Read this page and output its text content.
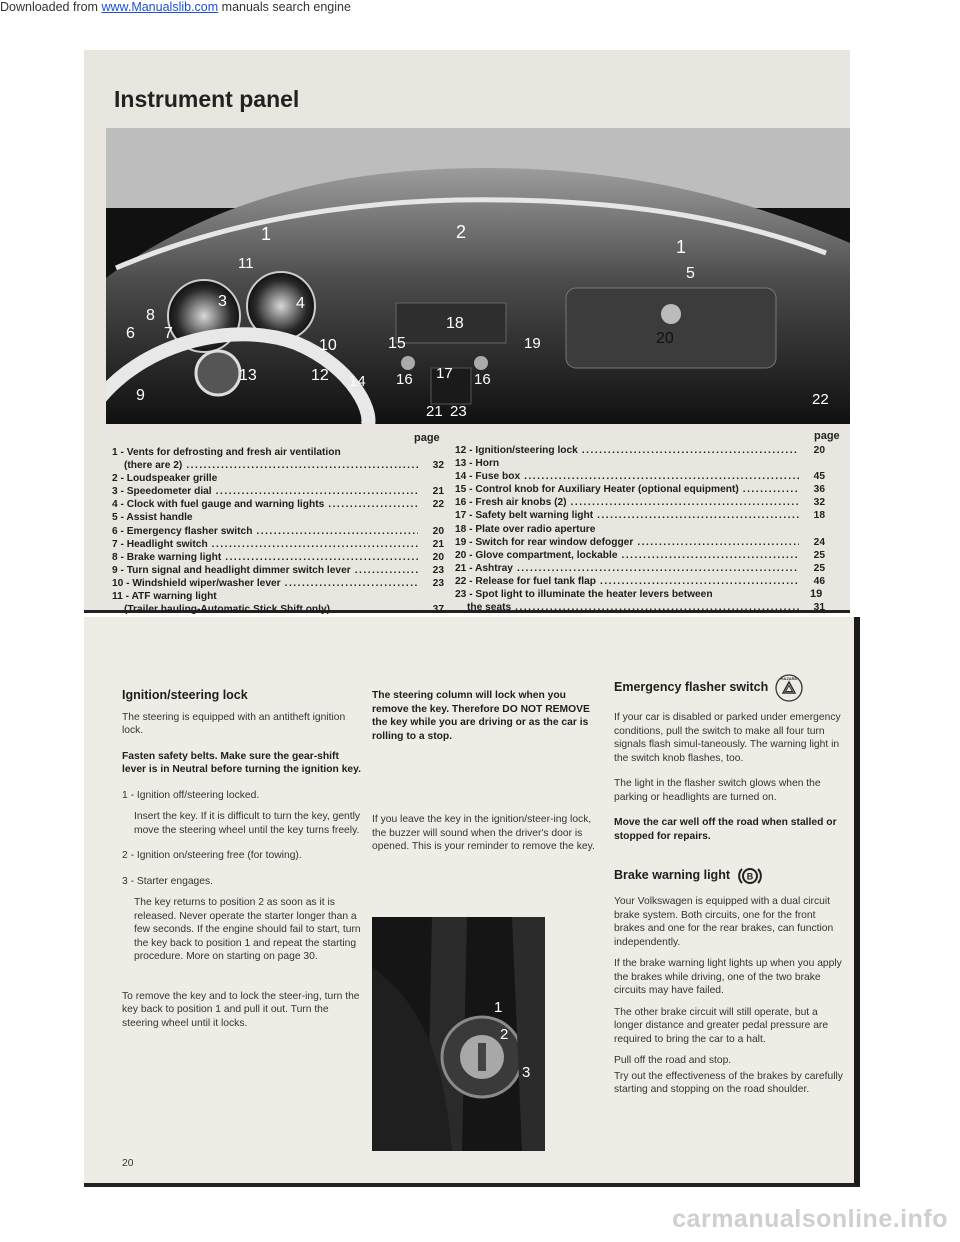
Downloaded from www.Manualslib.com manuals search engine
Instrument panel
1	2
1
5
11
3	4
8
6 7
18
15	19	20
10
9
13	12 14 16 17 16
21 23
22
page	page
1 - Vents for defrosting and fresh air ventilation
(there are 2) .....	32
2 - Loudspeaker grille
3 - Speedometer dial .....	21
4 - Clock with fuel gauge and warning lights .....	22
5 - Assist handle
6 - Emergency flasher switch .....	20
7 - Headlight switch .....	21
8 - Brake warning light .....	20
9 - Turn signal and headlight dimmer switch lever .....	23
10 - Windshield wiper/washer lever .....	23
11 - ATF warning light
(Trailer hauling-Automatic Stick Shift only) .....	37
12 - Ignition/steering lock .....	20
13 - Horn
14 - Fuse box .....	45
15 - Control knob for Auxiliary Heater (optional equipment) .....	36
16 - Fresh air knobs (2) .....	32
17 - Safety belt warning light .....	18
18 - Plate over radio aperture
19 - Switch for rear window defogger .....	24
20 - Glove compartment, lockable .....	25
21 - Ashtray .....	25
22 - Release for fuel tank flap .....	46
23 - Spot light to illuminate the heater levers between
the seats .....	31
19

Ignition/steering lock

The steering is equipped with an antitheft ignition lock.

Fasten safety belts. Make sure the gear-shift lever is in Neutral before turning the ignition key.

1 - Ignition off/steering locked.

Insert the key. If it is difficult to turn the key, gently move the steering wheel until the key turns freely.

2 - Ignition on/steering free (for towing).

3 - Starter engages.

The key returns to position 2 as soon as it is released. Never operate the starter longer than a few seconds. If the engine should fail to start, turn the key back to position 1 and repeat the starting procedure. More on starting on page 30.

To remove the key and to lock the steer-ing, turn the key back to position 1 and pull it out. Turn the steering wheel until it locks.

20

The steering column will lock when you remove the key. Therefore DO NOT REMOVE the key while you are driving or as the car is rolling to a stop.

If you leave the key in the ignition/steer-ing lock, the buzzer will sound when the driver's door is opened. This is your reminder to remove the key.

1
2
3

Emergency flasher switch
HAZARD

If your car is disabled or parked under emergency conditions, pull the switch to make all four turn signals flash simul-taneously. The warning light in the switch knob flashes, too.

The light in the flasher switch glows when the parking or headlights are turned on.

Move the car well off the road when stalled or stopped for repairs.

Brake warning light B

Your Volkswagen is equipped with a dual circuit brake system. Both circuits, one for the front brakes and one for the rear brakes, can function independently.

If the brake warning light lights up when you apply the brakes while driving, one of the two brake circuits may have failed.

The other brake circuit will still operate, but a longer distance and greater pedal pressure are required to bring the car to a halt.

Pull off the road and stop.

Try out the effectiveness of the brakes by carefully starting and stopping on the road shoulder.

carmanualsonline.info
